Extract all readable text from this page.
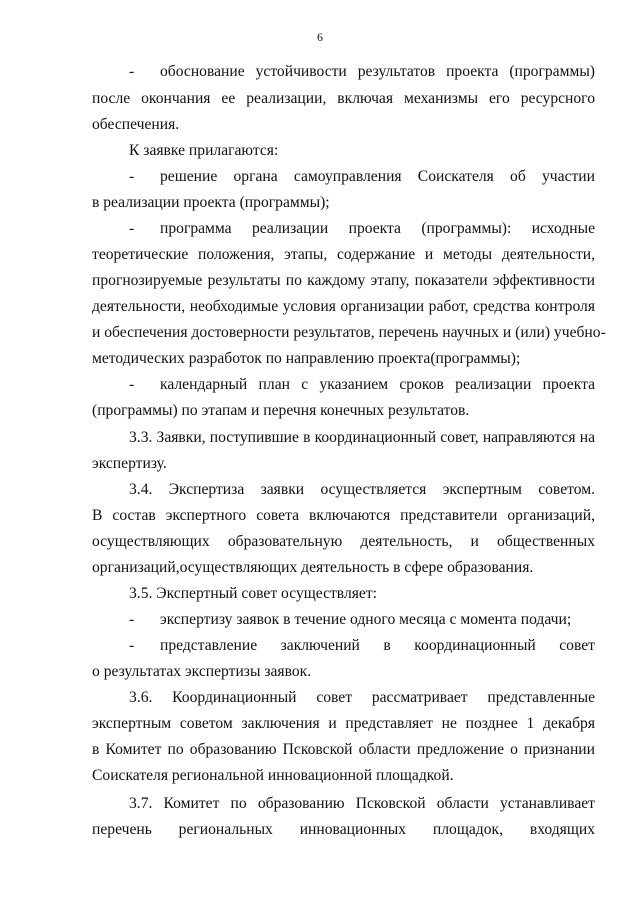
6
- обоснование устойчивости результатов проекта (программы)
после окончания ее реализации, включая механизмы его ресурсного
обеспечения.
К заявке прилагаются:
- решение органа самоуправления Соискателя об участии
в реализации проекта (программы);
- программа реализации проекта (программы): исходные
теоретические положения, этапы, содержание и методы деятельности,
прогнозируемые результаты по каждому этапу, показатели эффективности
деятельности, необходимые условия организации работ, средства контроля
и обеспечения достоверности результатов, перечень научных и (или) учебно-
методических разработок по направлению проекта(программы);
- календарный план с указанием сроков реализации проекта
(программы) по этапам и перечня конечных результатов.
3.3. Заявки, поступившие в координационный совет, направляются на
экспертизу.
3.4. Экспертиза заявки осуществляется экспертным советом.
В состав экспертного совета включаются представители организаций,
осуществляющих образовательную деятельность, и общественных
организаций,осуществляющих деятельность в сфере образования.
3.5. Экспертный совет осуществляет:
- экспертизу заявок в течение одного месяца с момента подачи;
- представление заключений в координационный совет
о результатах экспертизы заявок.
3.6. Координационный совет рассматривает представленные
экспертным советом заключения и представляет не позднее 1 декабря
в Комитет по образованию Псковской области предложение о признании
Соискателя региональной инновационной площадкой.
3.7. Комитет по образованию Псковской области устанавливает
перечень региональных инновационных площадок, входящих
